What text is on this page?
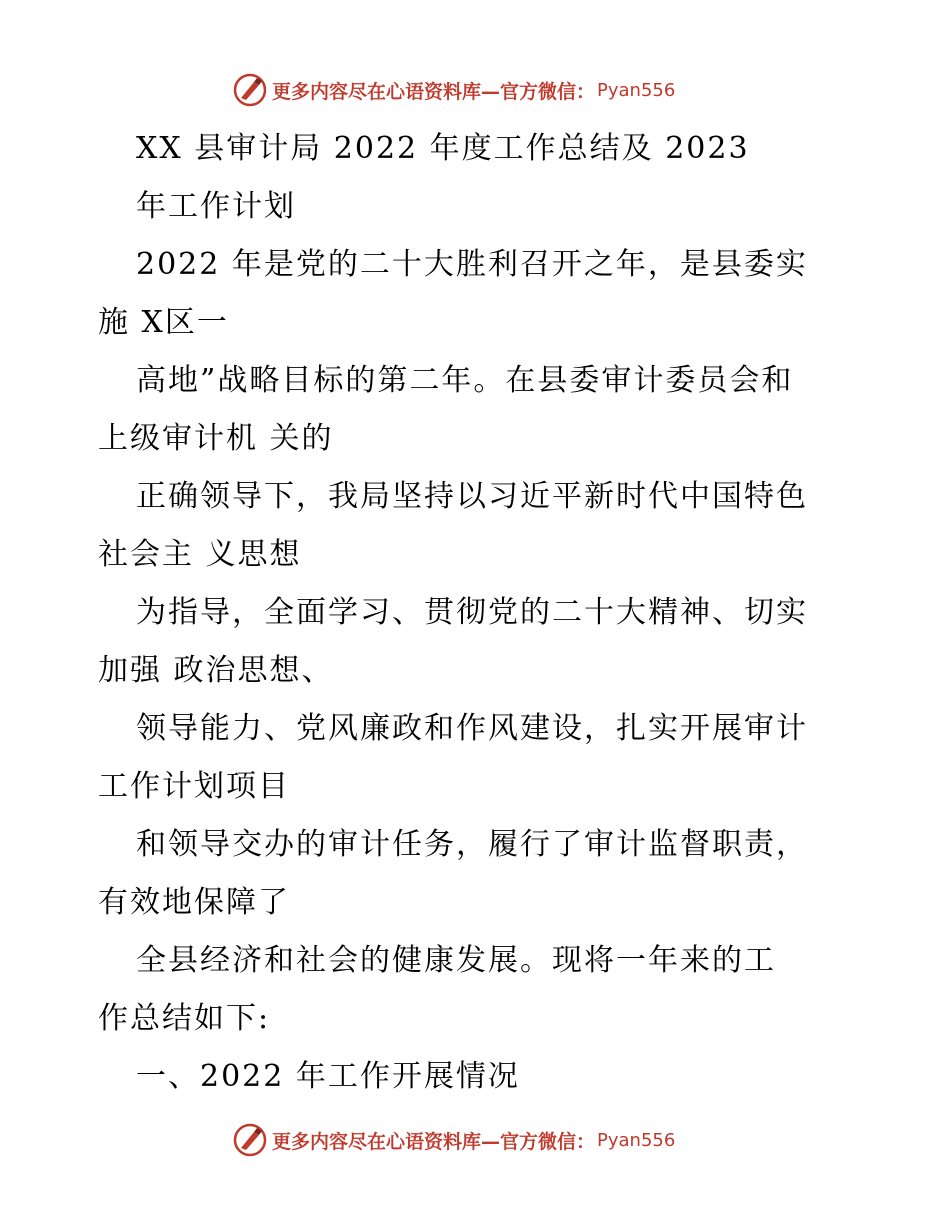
更多内容尽在心语资料库—官方微信： Pyan556
XX 县审计局 2022 年度工作总结及 2023
年工作计划
2022 年是党的二十大胜利召开之年，是县委实
施 X区一
高地”战略目标的第二年。在县委审计委员会和
上级审计机 关的
正确领导下，我局坚持以习近平新时代中国特色
社会主 义思想
为指导，全面学习、贯彻党的二十大精神、切实
加强 政治思想、
领导能力、党风廉政和作风建设，扎实开展审计
工作计划项目
和领导交办的审计任务，履行了审计监督职责，
有效地保障了
全县经济和社会的健康发展。现将一年来的工
作总结如下:
一、2022 年工作开展情况
更多内容尽在心语资料库—官方微信： Pyan556
